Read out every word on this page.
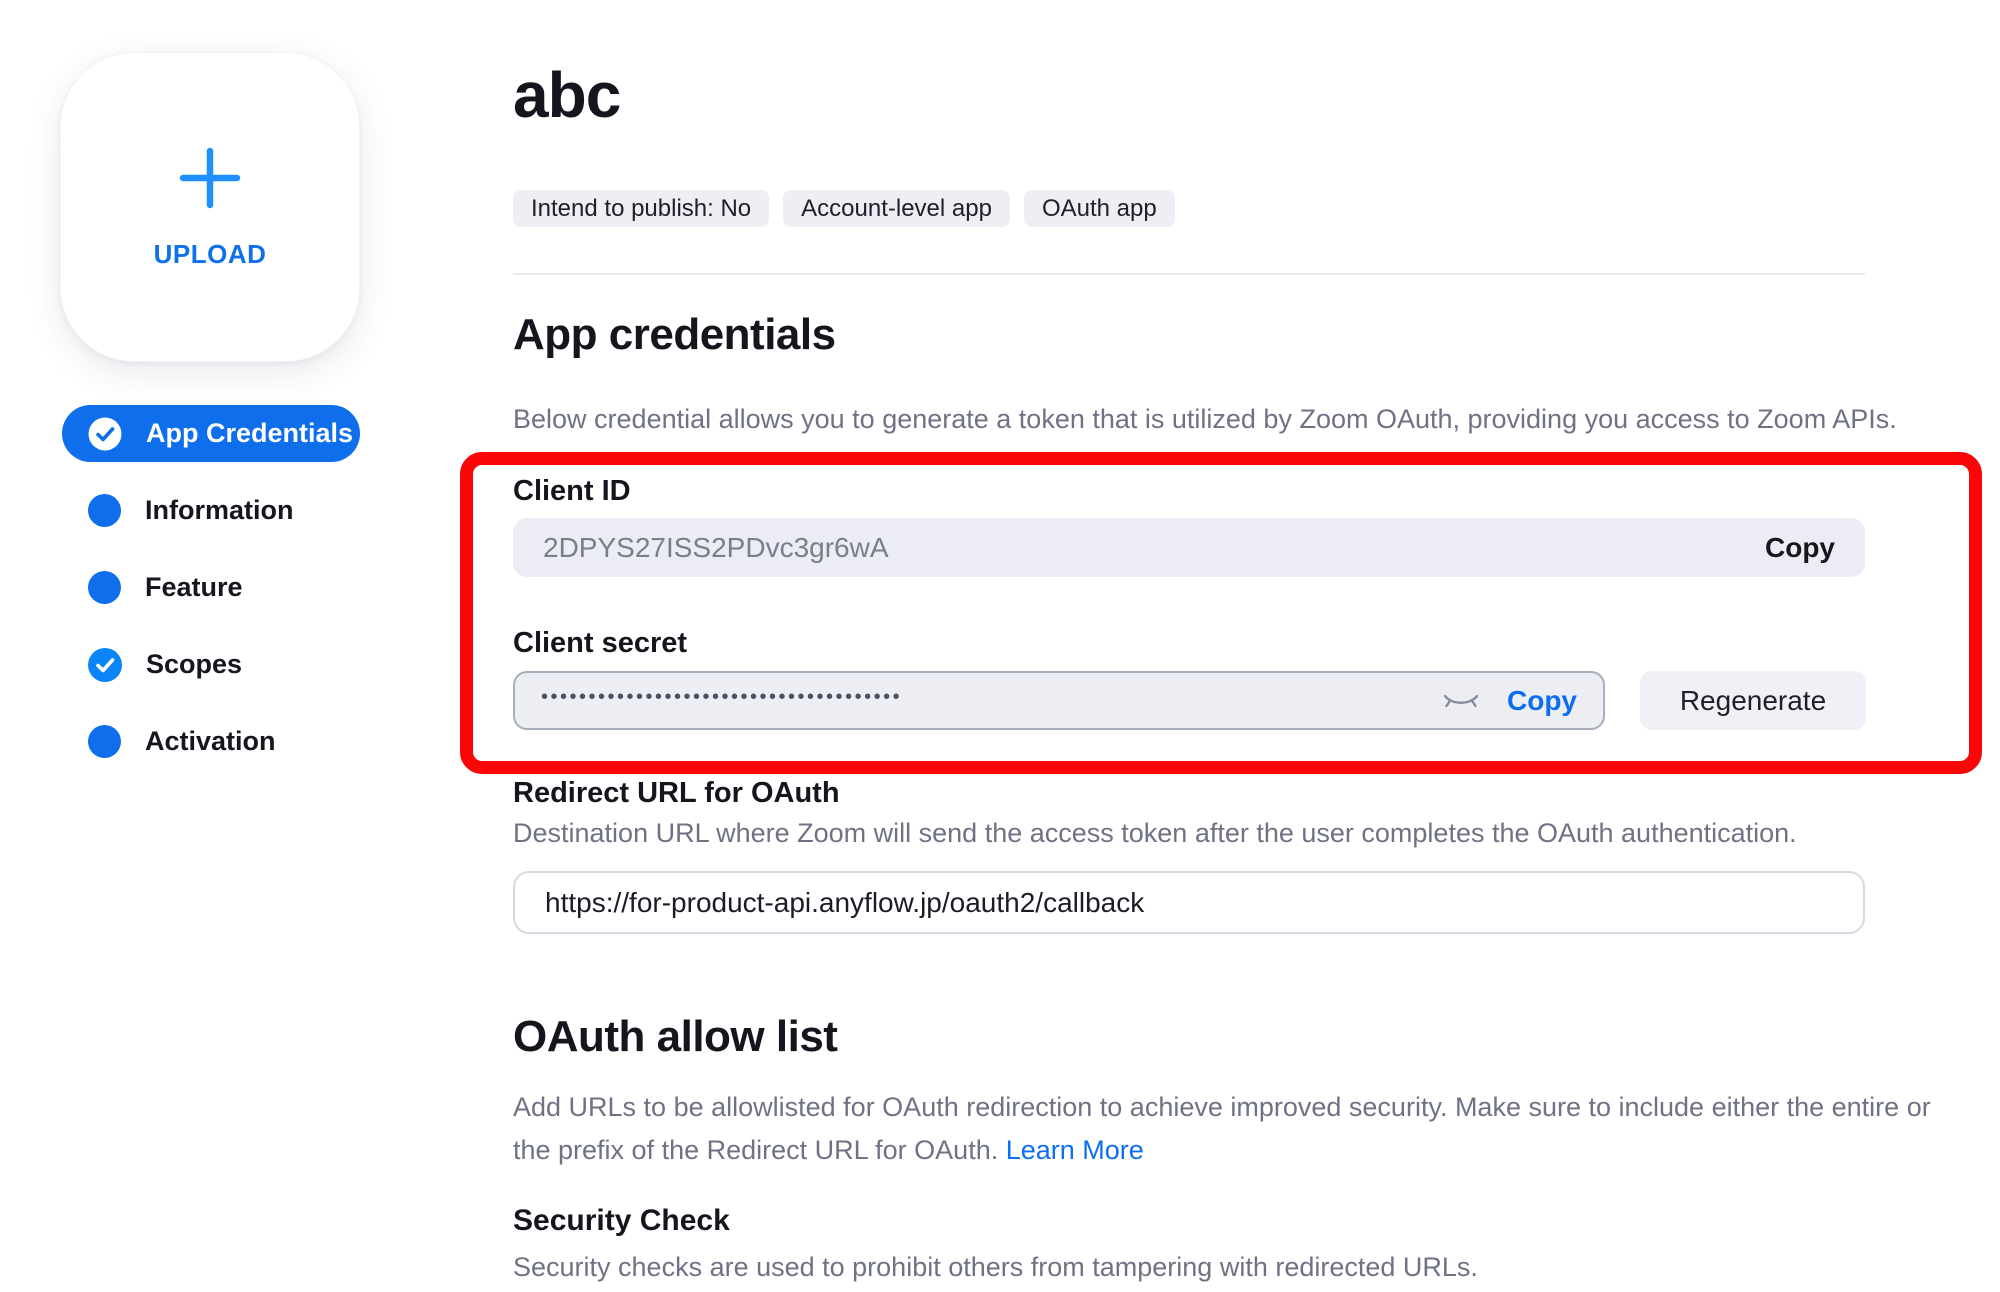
UPLOAD
App Credentials
Information
Feature
Scopes
Activation
abc
Intend to publish: No	Account-level app	OAuth app
App credentials

Below credential allows you to generate a token that is utilized by Zoom OAuth, providing you access to Zoom APIs.

Client ID
2DPYS27ISS2PDvc3gr6wA	Copy
Client secret
••••••••••••••••••••••••••••••••••••••	Copy	Regenerate
Redirect URL for OAuth

Destination URL where Zoom will send the access token after the user completes the OAuth authentication.

https://for-product-api.anyflow.jp/oauth2/callback
OAuth allow list

Add URLs to be allowlisted for OAuth redirection to achieve improved security. Make sure to include either the entire or the prefix of the Redirect URL for OAuth. Learn More

Security Check

Security checks are used to prohibit others from tampering with redirected URLs.
